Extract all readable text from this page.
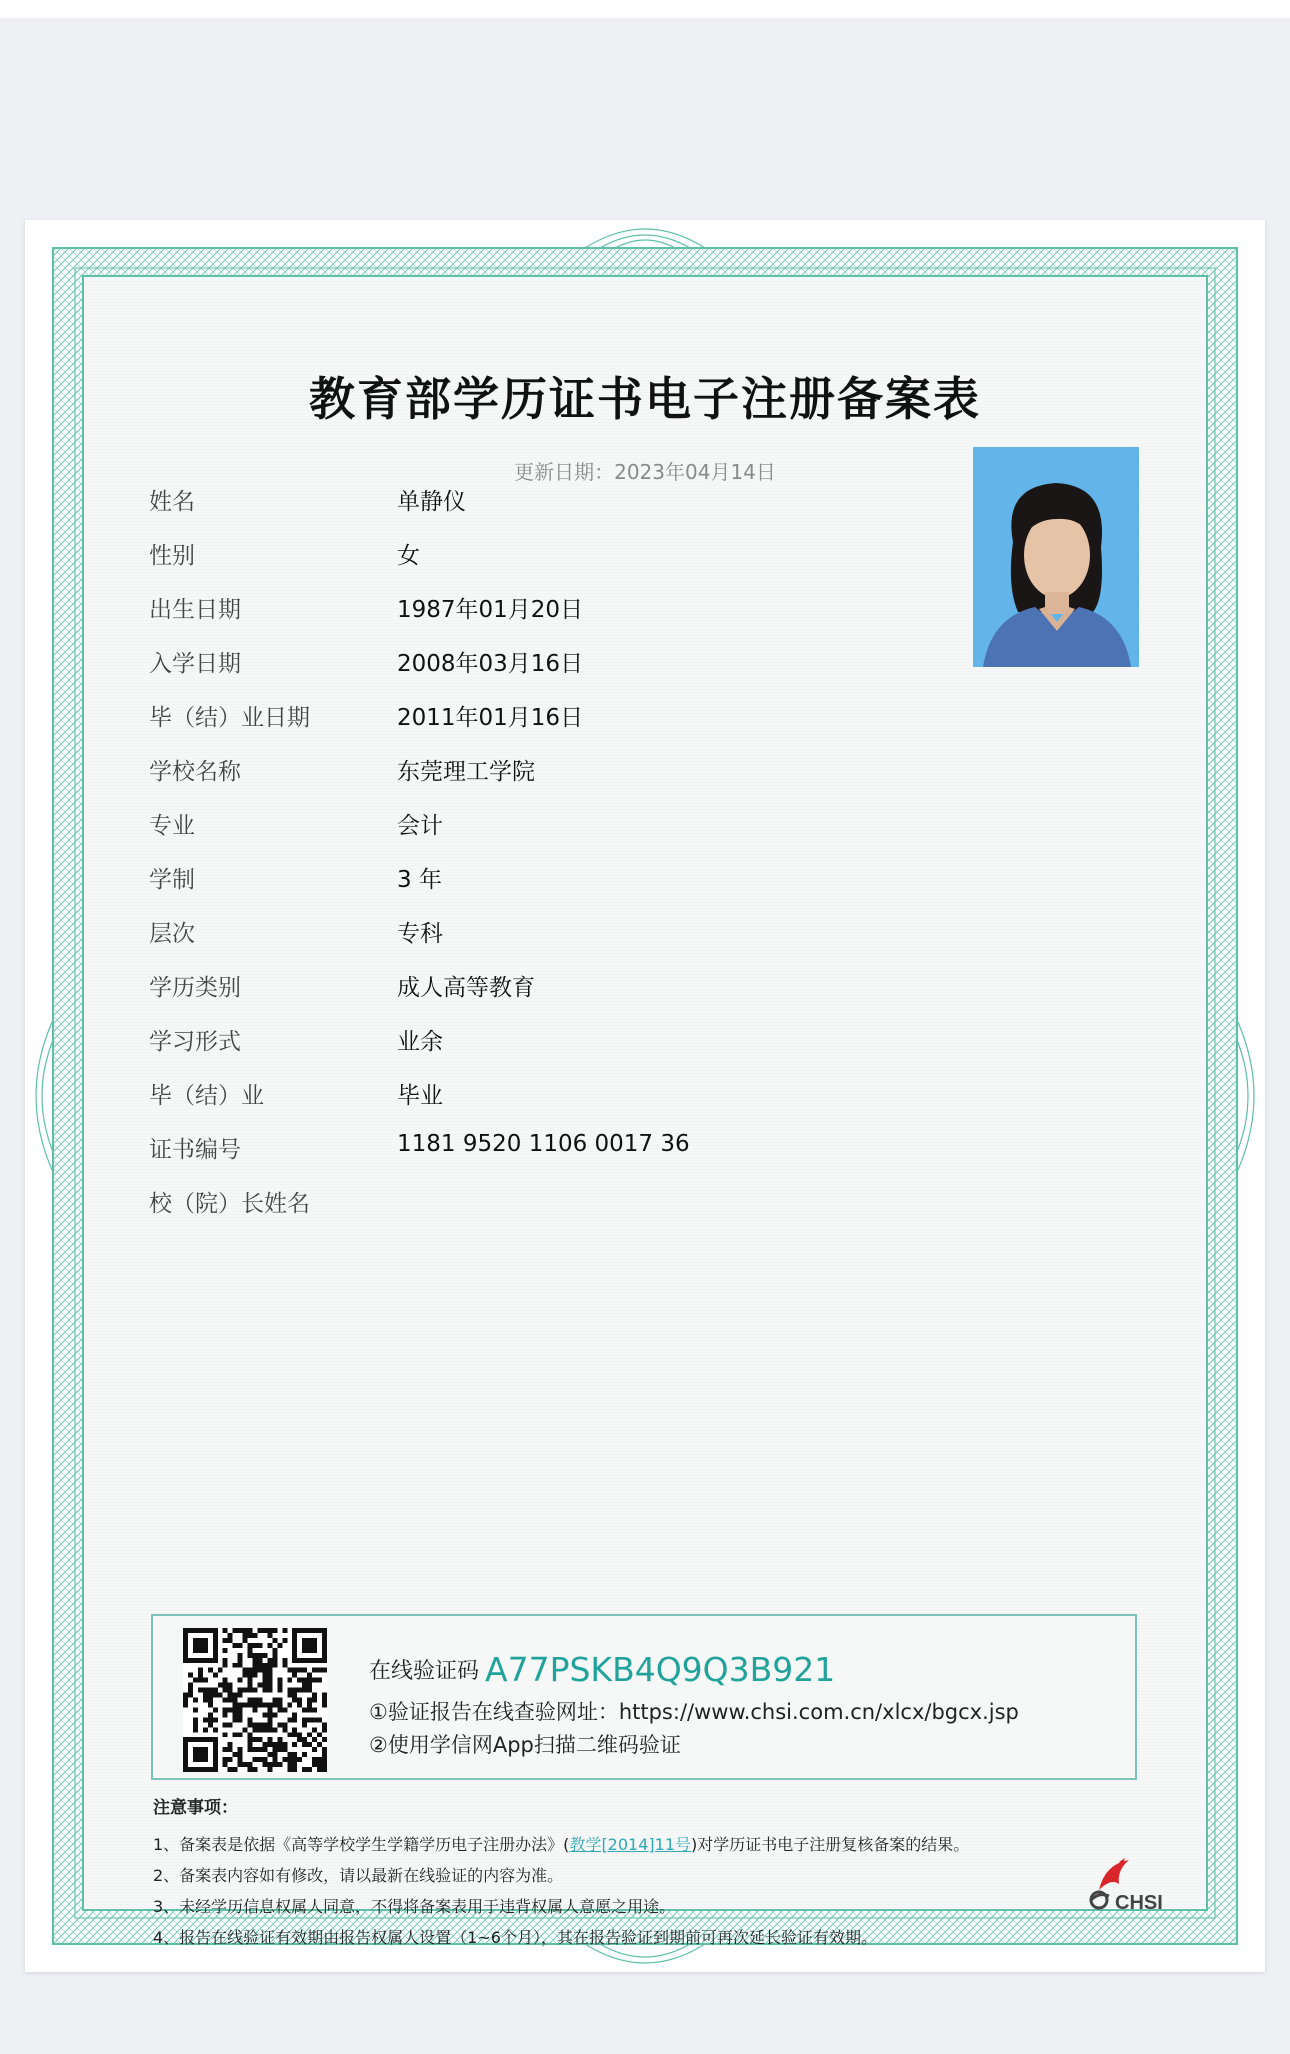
教育部学历证书电子注册备案表
更新日期：2023年04月14日
姓名	单静仪
性别	女
出生日期	1987年01月20日
入学日期	2008年03月16日
毕（结）业日期	2011年01月16日
学校名称	东莞理工学院
专业	会计
学制	3 年
层次	专科
学历类别	成人高等教育
学习形式	业余
毕（结）业	毕业
证书编号	1181 9520 1106 0017 36
校（院）长姓名
在线验证码 A77PSKB4Q9Q3B921
①验证报告在线查验网址：https://www.chsi.com.cn/xlcx/bgcx.jsp
②使用学信网App扫描二维码验证
注意事项：
1、备案表是依据《高等学校学生学籍学历电子注册办法》(教学[2014]11号)对学历证书电子注册复核备案的结果。
2、备案表内容如有修改，请以最新在线验证的内容为准。
3、未经学历信息权属人同意，不得将备案表用于违背权属人意愿之用途。
4、报告在线验证有效期由报告权属人设置（1~6个月），其在报告验证到期前可再次延长验证有效期。
CHSI
